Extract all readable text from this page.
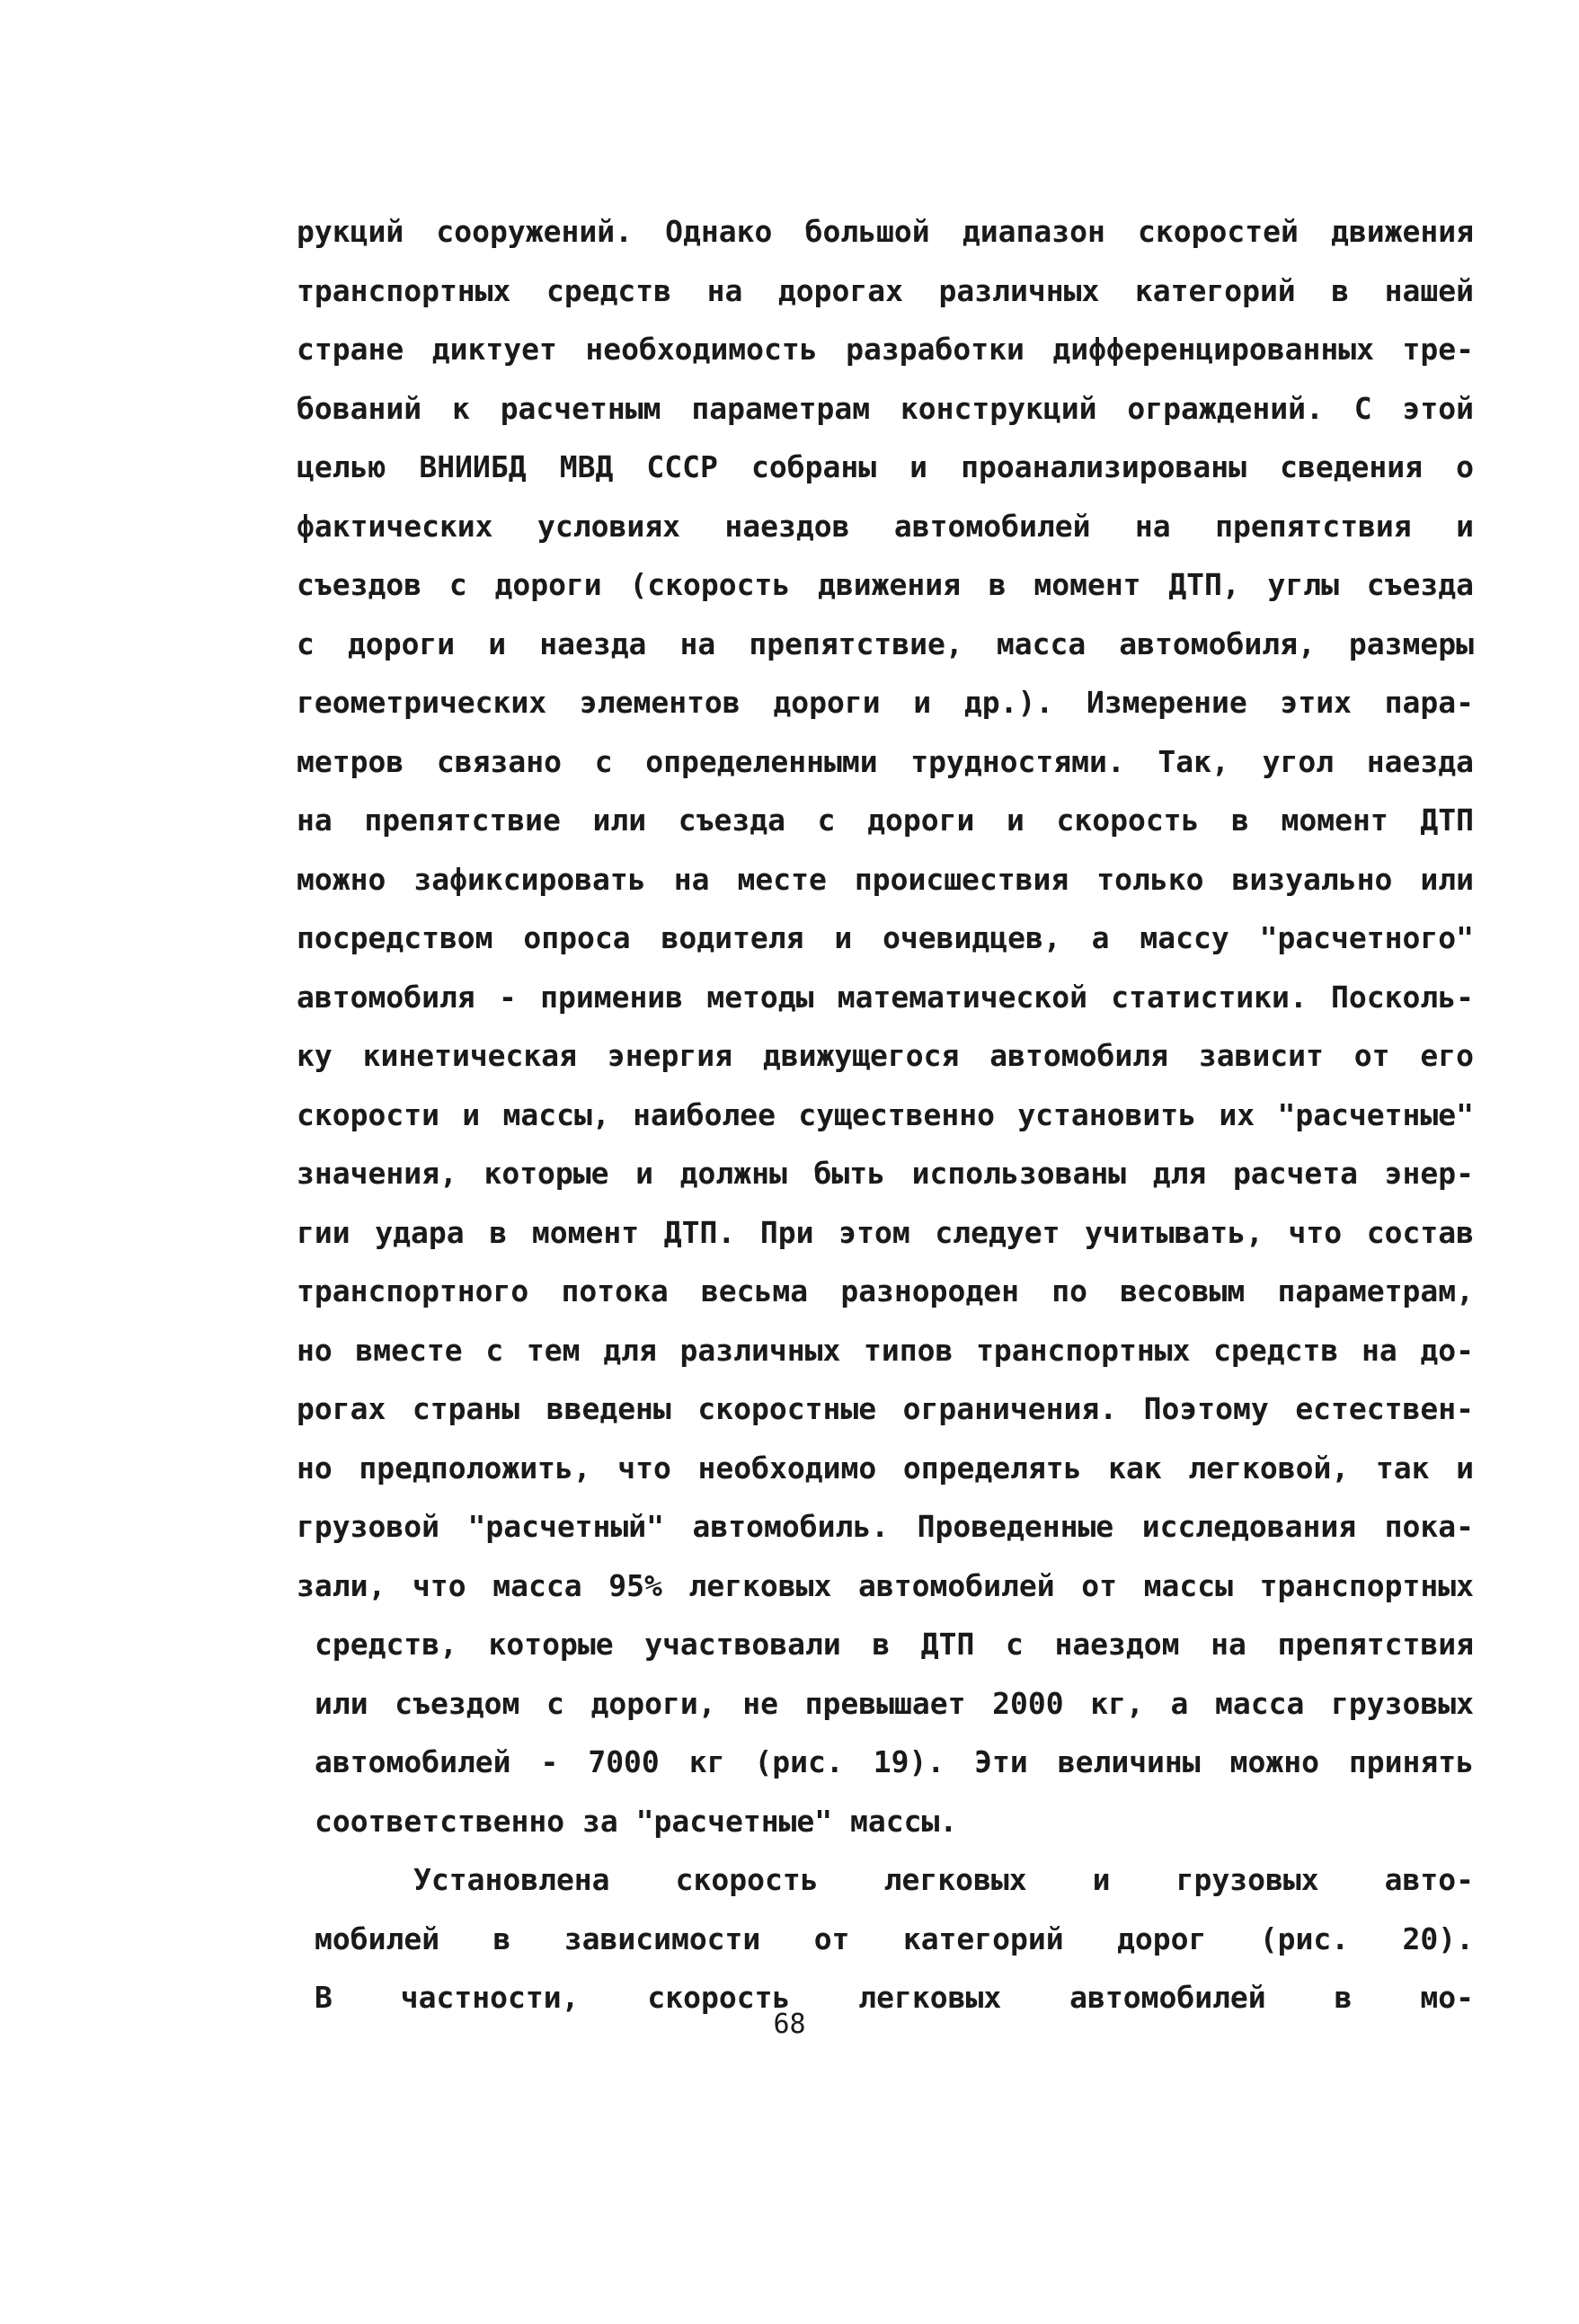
рукций сооружений. Однако большой диапазон скоростей движения
транспортных средств на дорогах различных категорий в нашей
стране диктует необходимость разработки дифференцированных тре-
бований к расчетным параметрам конструкций ограждений. С этой
целью ВНИИБД МВД СССР собраны и проанализированы сведения о
фактических условиях наездов автомобилей на препятствия и
съездов с дороги (скорость движения в момент ДТП, углы съезда
с дороги и наезда на препятствие, масса автомобиля, размеры
геометрических элементов дороги и др.). Измерение этих пара-
метров связано с определенными трудностями. Так, угол наезда
на препятствие или съезда с дороги и скорость в момент ДТП
можно зафиксировать на месте происшествия только визуально или
посредством опроса водителя и очевидцев, а массу "расчетного"
автомобиля - применив методы математической статистики. Посколь-
ку кинетическая энергия движущегося автомобиля зависит от его
скорости и массы, наиболее существенно установить их "расчетные"
значения, которые и должны быть использованы для расчета энер-
гии удара в момент ДТП. При этом следует учитывать, что состав
транспортного потока весьма разнороден по весовым параметрам,
но вместе с тем для различных типов транспортных средств на до-
рогах страны введены скоростные ограничения. Поэтому естествен-
но предположить, что необходимо определять как легковой, так и
грузовой "расчетный" автомобиль. Проведенные исследования пока-
зали, что масса 95% легковых автомобилей от массы транспортных
средств, которые участвовали в ДТП с наездом на препятствия
или съездом с дороги, не превышает 2000 кг, а масса грузовых
автомобилей - 7000 кг (рис. 19). Эти величины можно принять
соответственно за "расчетные" массы.
Установлена скорость легковых и грузовых авто-
мобилей в зависимости от категорий дорог (рис. 20).
В частности, скорость легковых автомобилей в мо-
68
